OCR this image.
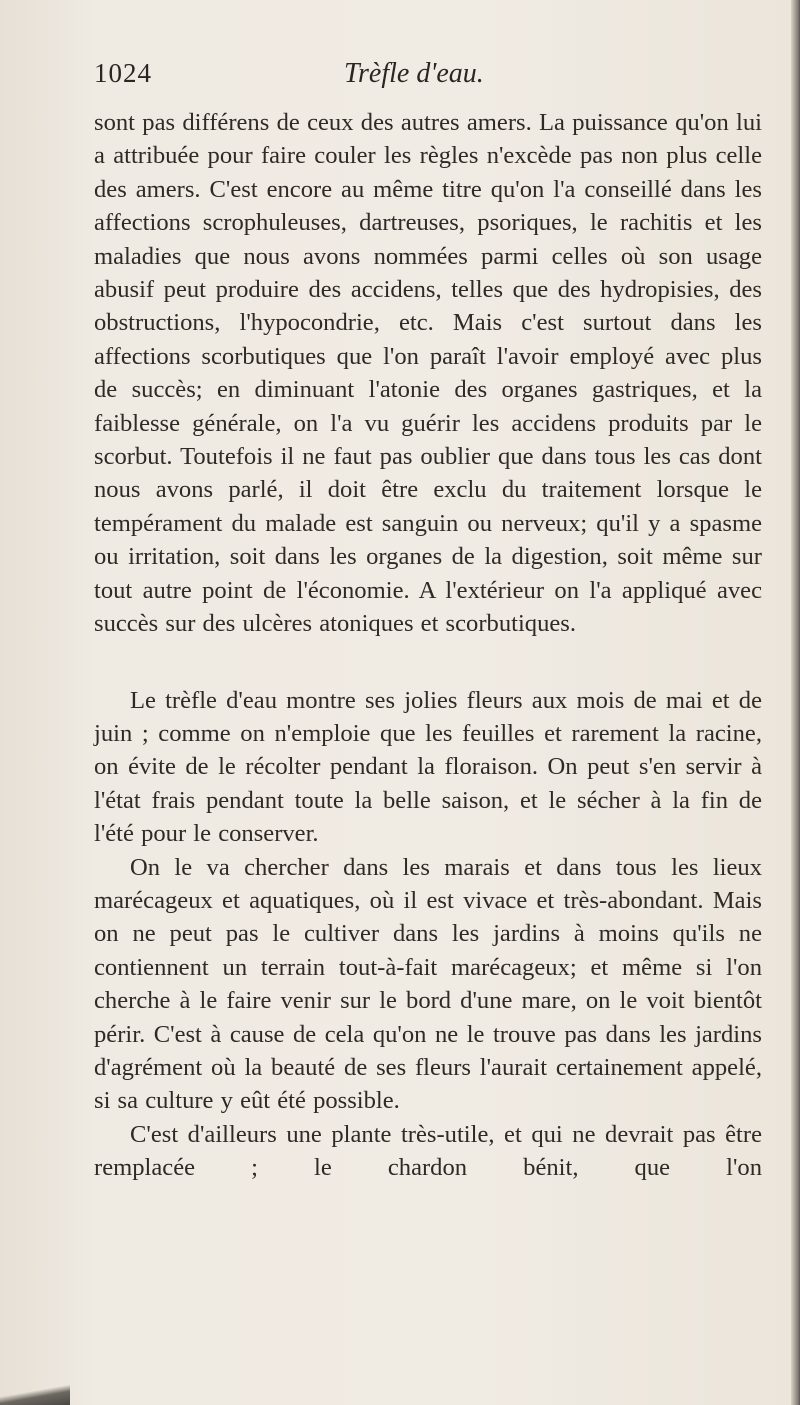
1024	Trèfle d'eau.

sont pas différens de ceux des autres amers. La puissance qu'on lui a attribuée pour faire couler les règles n'excède pas non plus celle des amers. C'est encore au même titre qu'on l'a conseillé dans les affections scrophuleuses, dartreuses, psoriques, le rachitis et les maladies que nous avons nommées parmi celles où son usage abusif peut produire des accidens, telles que des hydropisies, des obstructions, l'hypocondrie, etc. Mais c'est surtout dans les affections scorbutiques que l'on paraît l'avoir employé avec plus de succès; en diminuant l'atonie des organes gastriques, et la faiblesse générale, on l'a vu guérir les accidens produits par le scorbut. Toutefois il ne faut pas oublier que dans tous les cas dont nous avons parlé, il doit être exclu du traitement lorsque le tempérament du malade est sanguin ou nerveux; qu'il y a spasme ou irritation, soit dans les organes de la digestion, soit même sur tout autre point de l'économie. A l'extérieur on l'a appliqué avec succès sur des ulcères atoniques et scorbutiques.

Le trèfle d'eau montre ses jolies fleurs aux mois de mai et de juin ; comme on n'emploie que les feuilles et rarement la racine, on évite de le récolter pendant la floraison. On peut s'en servir à l'état frais pendant toute la belle saison, et le sécher à la fin de l'été pour le conserver.

On le va chercher dans les marais et dans tous les lieux marécageux et aquatiques, où il est vivace et très-abondant. Mais on ne peut pas le cultiver dans les jardins à moins qu'ils ne contiennent un terrain tout-à-fait marécageux; et même si l'on cherche à le faire venir sur le bord d'une mare, on le voit bientôt périr. C'est à cause de cela qu'on ne le trouve pas dans les jardins d'agrément où la beauté de ses fleurs l'aurait certainement appelé, si sa culture y eût été possible.

C'est d'ailleurs une plante très-utile, et qui ne devrait pas être remplacée ; le chardon bénit, que l'on
